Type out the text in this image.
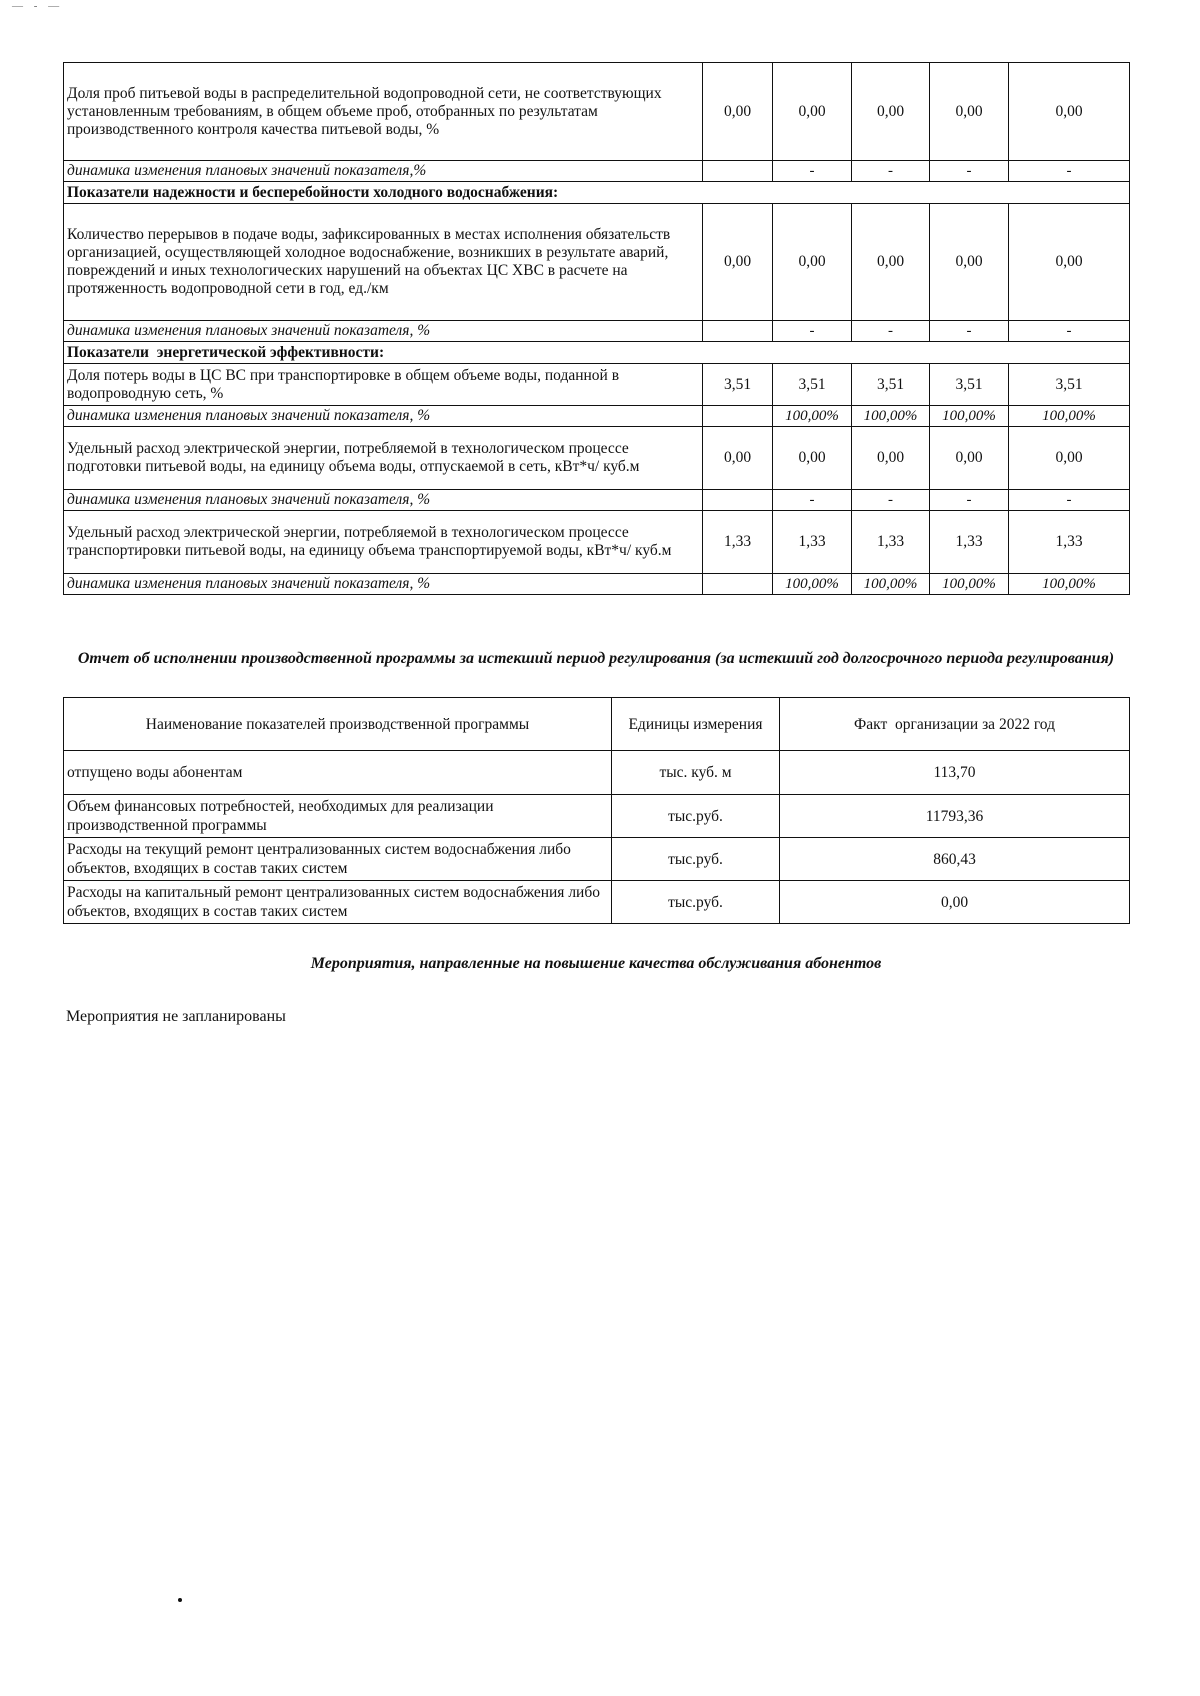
— - —
Доля проб питьевой воды в распределительной водопроводной сети, не соответствующих установленным требованиям, в общем объеме проб, отобранных по результатам производственного контроля качества питьевой воды, %	0,00	0,00	0,00	0,00	0,00
динамика изменения плановых значений показателя,%		-	-	-	-
Показатели надежности и бесперебойности холодного водоснабжения:					
Количество перерывов в подаче воды, зафиксированных в местах исполнения обязательств организацией, осуществляющей холодное водоснабжение, возникших в результате аварий, повреждений и иных технологических нарушений на объектах ЦС ХВС в расчете на протяженность водопроводной сети в год, ед./км	0,00	0,00	0,00	0,00	0,00
динамика изменения плановых значений показателя, %		-	-	-	-
Показатели  энергетической эффективности:					
Доля потерь воды в ЦС ВС при транспортировке в общем объеме воды, поданной в водопроводную сеть, %	3,51	3,51	3,51	3,51	3,51
динамика изменения плановых значений показателя, %		100,00%	100,00%	100,00%	100,00%
Удельный расход электрической энергии, потребляемой в технологическом процессе подготовки питьевой воды, на единицу объема воды, отпускаемой в сеть, кВт*ч/ куб.м	0,00	0,00	0,00	0,00	0,00
динамика изменения плановых значений показателя, %		-	-	-	-
Удельный расход электрической энергии, потребляемой в технологическом процессе транспортировки питьевой воды, на единицу объема транспортируемой воды, кВт*ч/ куб.м	1,33	1,33	1,33	1,33	1,33
динамика изменения плановых значений показателя, %		100,00%	100,00%	100,00%	100,00%
Отчет об исполнении производственной программы за истекший период регулирования (за истекший год долгосрочного периода регулирования)
Наименование показателей производственной программы	Единицы измерения	Факт  организации за 2022 год
отпущено воды абонентам	тыс. куб. м	113,70
Объем финансовых потребностей, необходимых для реализации производственной программы	тыс.руб.	11793,36
Расходы на текущий ремонт централизованных систем водоснабжения либо объектов, входящих в состав таких систем	тыс.руб.	860,43
Расходы на капитальный ремонт централизованных систем водоснабжения либо объектов, входящих в состав таких систем	тыс.руб.	0,00
Мероприятия, направленные на повышение качества обслуживания абонентов
Мероприятия не запланированы
